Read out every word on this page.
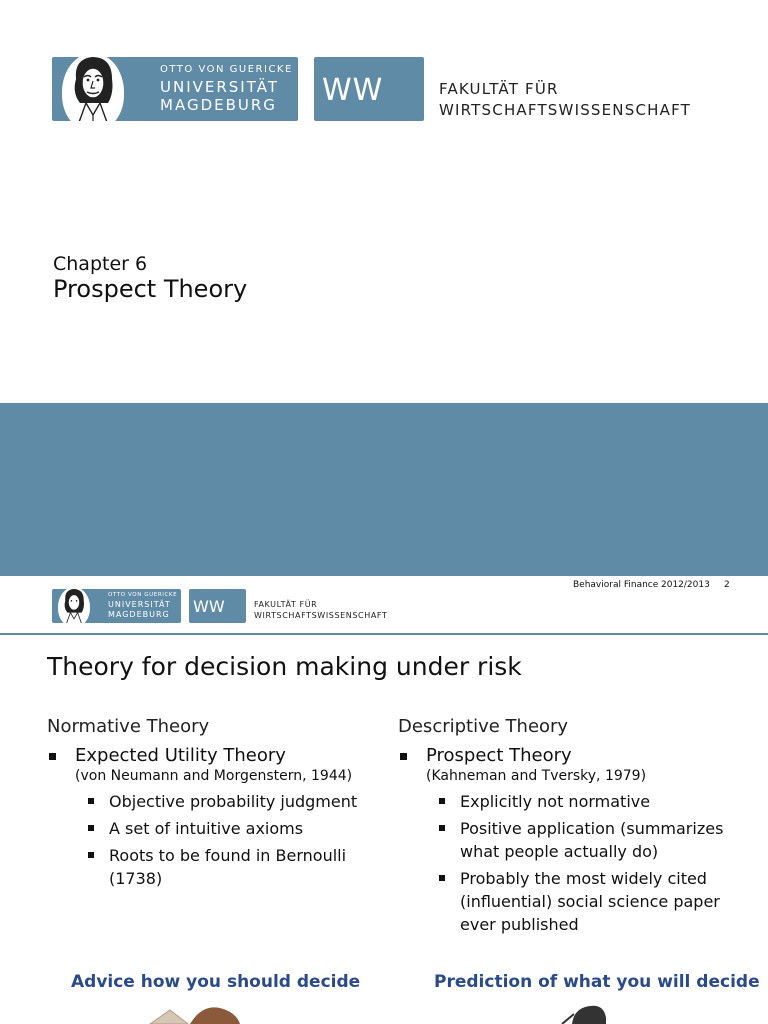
OTTO VON GUERICKE
UNIVERSITÄT
MAGDEBURG WW	FAKULTÄT FÜR
WIRTSCHAFTSWISSENSCHAFT
Chapter 6
Prospect Theory
Behavioral Finance 2012/2013 2
OTTO VON GUERICKE
UNIVERSITÄT
MAGDEBURG WW	FAKULTÄT FÜR
WIRTSCHAFTSWISSENSCHAFT
Theory for decision making under risk
Normative Theory
Expected Utility Theory
(von Neumann and Morgenstern, 1944)
Objective probability judgment
A set of intuitive axioms
Roots to be found in Bernoulli (1738)
Descriptive Theory
Prospect Theory
(Kahneman and Tversky, 1979)
Explicitly not normative
Positive application (summarizes what people actually do)
Probably the most widely cited (influential) social science paper ever published
Advice how you should decide	Prediction of what you will decide
